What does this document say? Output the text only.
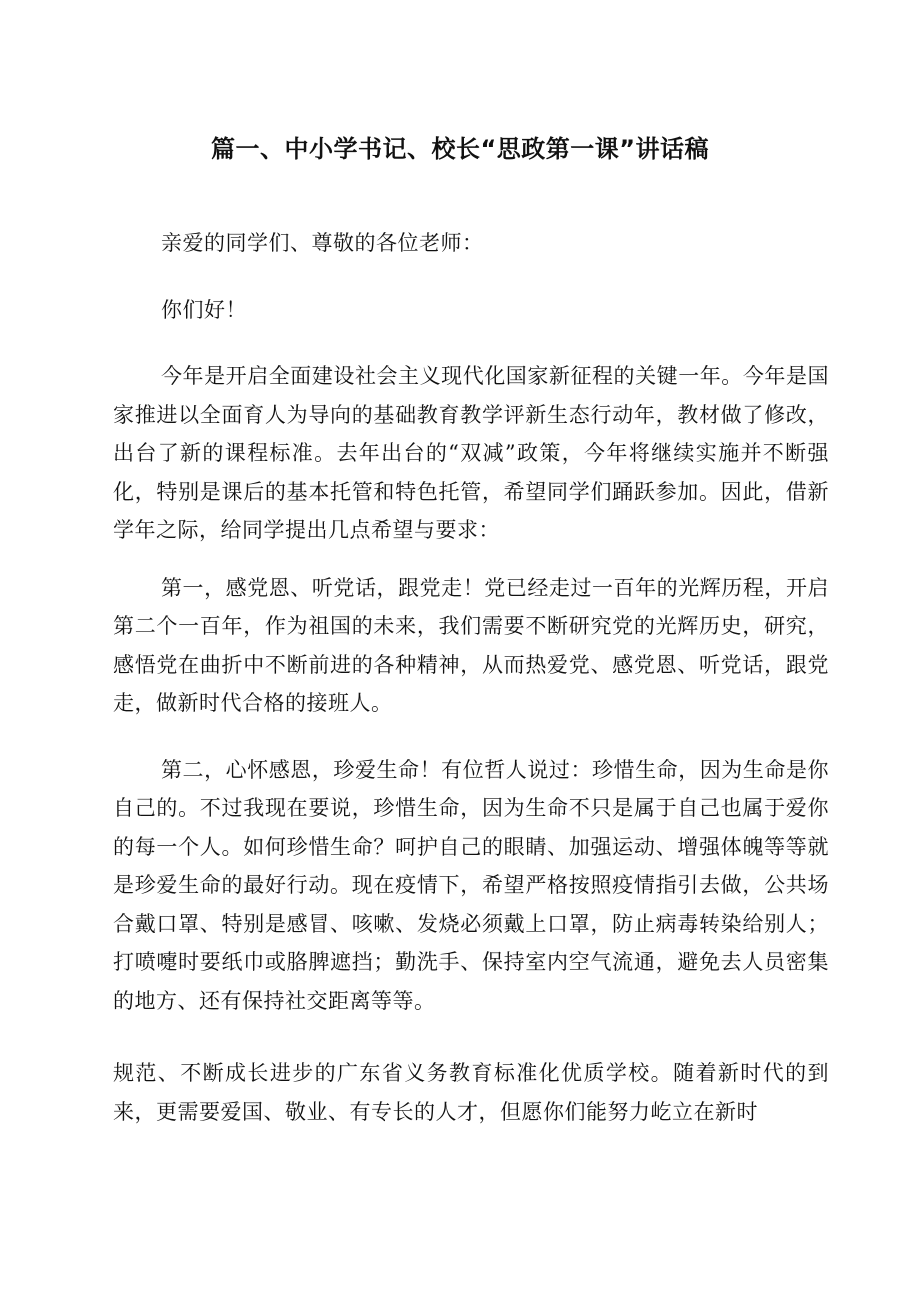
篇一、中小学书记、校长“思政第一课”讲话稿

亲爱的同学们、尊敬的各位老师：

你们好！

今年是开启全面建设社会主义现代化国家新征程的关键一年。今年是国家推进以全面育人为导向的基础教育教学评新生态行动年，教材做了修改，出台了新的课程标准。去年出台的“双减”政策，今年将继续实施并不断强化，特别是课后的基本托管和特色托管，希望同学们踊跃参加。因此，借新学年之际，给同学提出几点希望与要求：

第一，感党恩、听党话，跟党走！党已经走过一百年的光辉历程，开启第二个一百年，作为祖国的未来，我们需要不断研究党的光辉历史，研究，感悟党在曲折中不断前进的各种精神，从而热爱党、感党恩、听党话，跟党走，做新时代合格的接班人。

第二，心怀感恩，珍爱生命！有位哲人说过：珍惜生命，因为生命是你自己的。不过我现在要说，珍惜生命，因为生命不只是属于自己也属于爱你的每一个人。如何珍惜生命？呵护自己的眼睛、加强运动、增强体魄等等就是珍爱生命的最好行动。现在疫情下，希望严格按照疫情指引去做，公共场合戴口罩、特别是感冒、咳嗽、发烧必须戴上口罩，防止病毒转染给别人；打喷嚏时要纸巾或胳脾遮挡；勤洗手、保持室内空气流通，避免去人员密集的地方、还有保持社交距离等等。

规范、不断成长进步的广东省义务教育标准化优质学校。随着新时代的到来，更需要爱国、敬业、有专长的人才，但愿你们能努力屹立在新时
